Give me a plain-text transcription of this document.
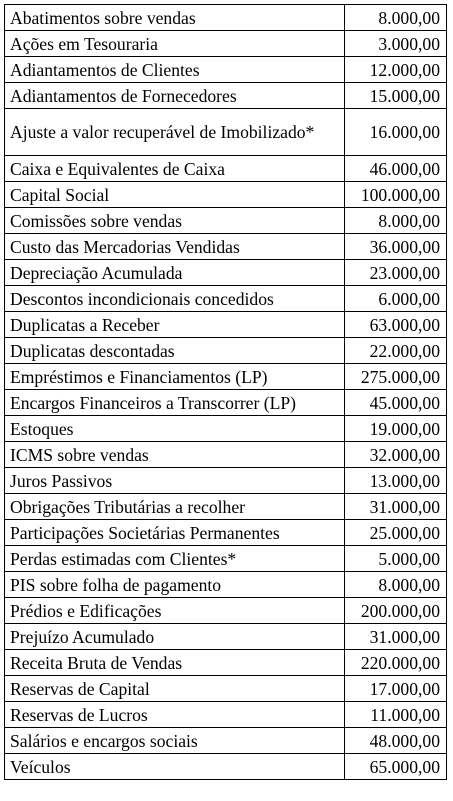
Abatimentos sobre vendas	8.000,00
Ações em Tesouraria	3.000,00
Adiantamentos de Clientes	12.000,00
Adiantamentos de Fornecedores	15.000,00
Ajuste a valor recuperável de Imobilizado*	16.000,00
Caixa e Equivalentes de Caixa	46.000,00
Capital Social	100.000,00
Comissões sobre vendas	8.000,00
Custo das Mercadorias Vendidas	36.000,00
Depreciação Acumulada	23.000,00
Descontos incondicionais concedidos	6.000,00
Duplicatas a Receber	63.000,00
Duplicatas descontadas	22.000,00
Empréstimos e Financiamentos (LP)	275.000,00
Encargos Financeiros a Transcorrer (LP)	45.000,00
Estoques	19.000,00
ICMS sobre vendas	32.000,00
Juros Passivos	13.000,00
Obrigações Tributárias a recolher	31.000,00
Participações Societárias Permanentes	25.000,00
Perdas estimadas com Clientes*	5.000,00
PIS sobre folha de pagamento	8.000,00
Prédios e Edificações	200.000,00
Prejuízo Acumulado	31.000,00
Receita Bruta de Vendas	220.000,00
Reservas de Capital	17.000,00
Reservas de Lucros	11.000,00
Salários e encargos sociais	48.000,00
Veículos	65.000,00
